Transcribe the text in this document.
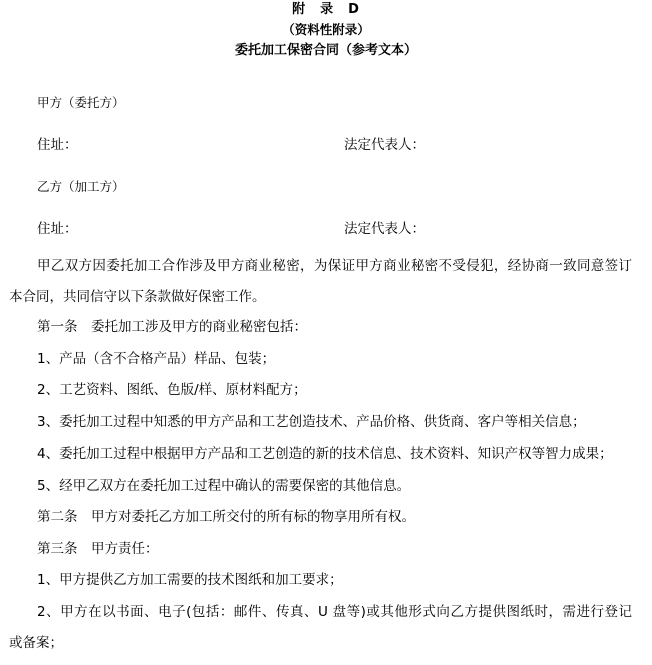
附　录　D

（资料性附录）

委托加工保密合同（参考文本）

甲方（委托方）

住址：	法定代表人：

乙方（加工方）

住址：	法定代表人：

甲乙双方因委托加工合作涉及甲方商业秘密，为保证甲方商业秘密不受侵犯，经协商一致同意签订

本合同，共同信守以下条款做好保密工作。

第一条　委托加工涉及甲方的商业秘密包括：

1、产品（含不合格产品）样品、包装；

2、工艺资料、图纸、色版/样、原材料配方；

3、委托加工过程中知悉的甲方产品和工艺创造技术、产品价格、供货商、客户等相关信息；

4、委托加工过程中根据甲方产品和工艺创造的新的技术信息、技术资料、知识产权等智力成果；

5、经甲乙双方在委托加工过程中确认的需要保密的其他信息。

第二条　甲方对委托乙方加工所交付的所有标的物享用所有权。

第三条　甲方责任：

1、甲方提供乙方加工需要的技术图纸和加工要求；

2、甲方在以书面、电子(包括：邮件、传真、U 盘等)或其他形式向乙方提供图纸时，需进行登记

或备案；
